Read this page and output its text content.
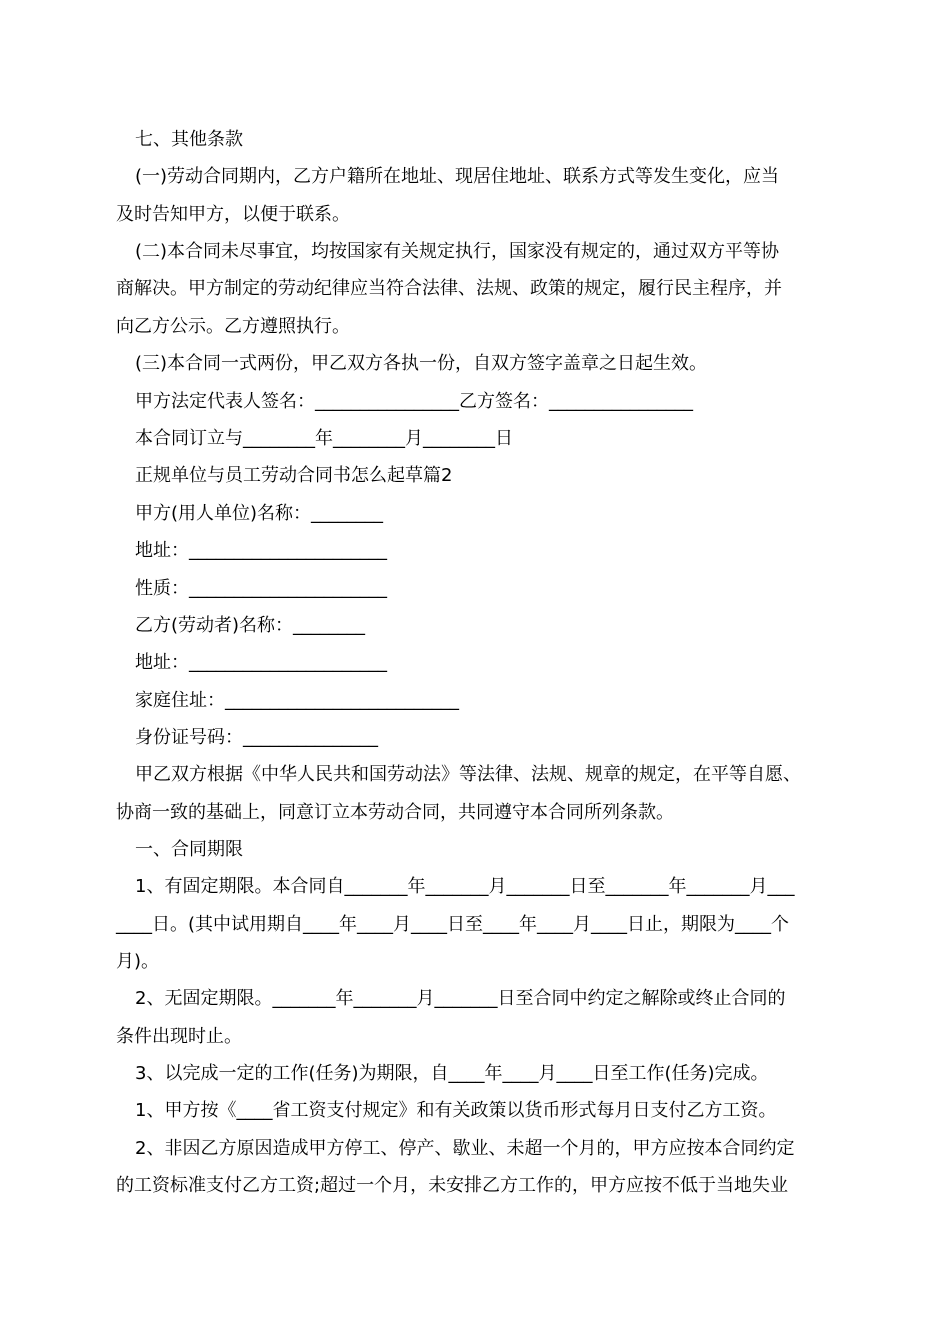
七、其他条款
(一)劳动合同期内，乙方户籍所在地址、现居住地址、联系方式等发生变化，应当
及时告知甲方，以便于联系。
(二)本合同未尽事宜，均按国家有关规定执行，国家没有规定的，通过双方平等协
商解决。甲方制定的劳动纪律应当符合法律、法规、政策的规定，履行民主程序，并
向乙方公示。乙方遵照执行。
(三)本合同一式两份，甲乙双方各执一份，自双方签字盖章之日起生效。
甲方法定代表人签名：________________乙方签名：________________
本合同订立与________年________月________日
正规单位与员工劳动合同书怎么起草篇2
甲方(用人单位)名称：________
地址：______________________
性质：______________________
乙方(劳动者)名称：________
地址：______________________
家庭住址：__________________________
身份证号码：_______________
甲乙双方根据《中华人民共和国劳动法》等法律、法规、规章的规定，在平等自愿、
协商一致的基础上，同意订立本劳动合同，共同遵守本合同所列条款。
一、合同期限
1、有固定期限。本合同自_______年_______月_______日至_______年_______月___
____日。(其中试用期自____年____月____日至____年____月____日止，期限为____个
月)。
2、无固定期限。_______年_______月_______日至合同中约定之解除或终止合同的
条件出现时止。
3、以完成一定的工作(任务)为期限，自____年____月____日至工作(任务)完成。
1、甲方按《____省工资支付规定》和有关政策以货币形式每月日支付乙方工资。
2、非因乙方原因造成甲方停工、停产、歇业、未超一个月的，甲方应按本合同约定
的工资标准支付乙方工资;超过一个月，未安排乙方工作的，甲方应按不低于当地失业
